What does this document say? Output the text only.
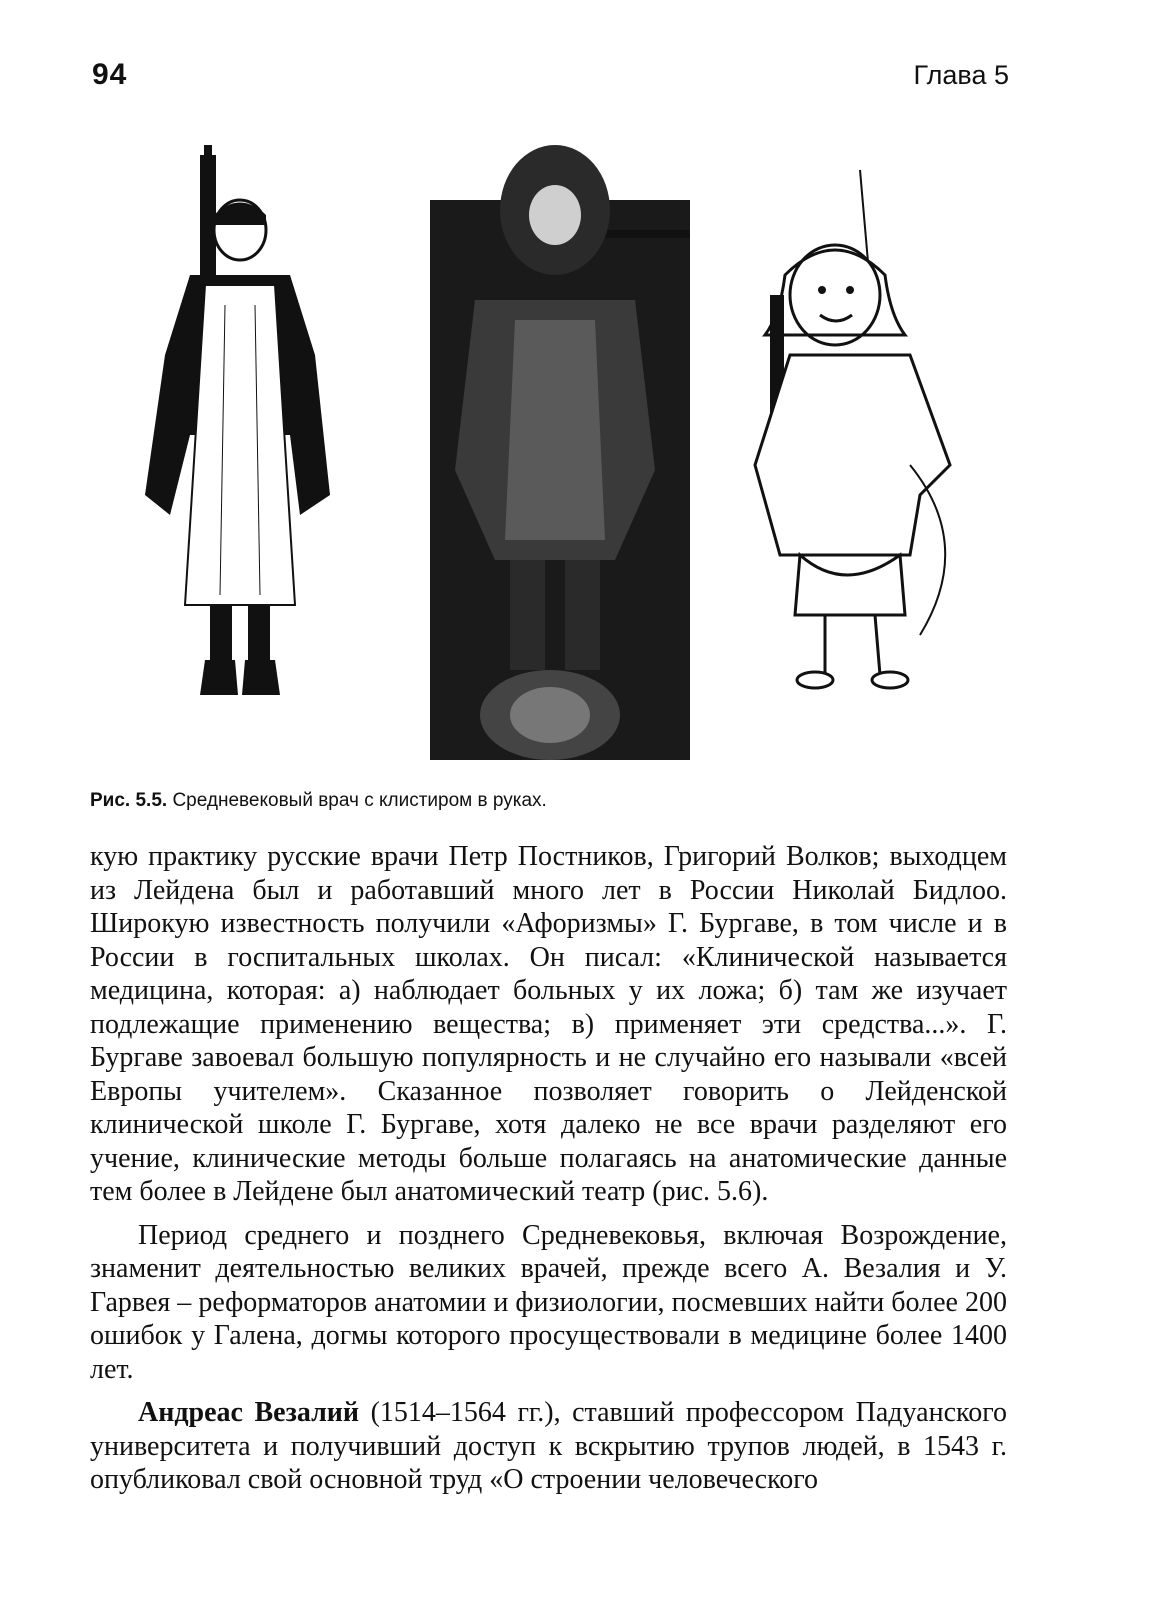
94	Глава 5
Рис. 5.5. Средневековый врач с клистиром в руках.

кую практику русские врачи Петр Постников, Григорий Волков; выходцем из Лейдена был и работавший много лет в России Николай Бидлоо. Широкую известность получили «Афоризмы» Г. Бургаве, в том числе и в России в госпитальных школах. Он писал: «Клинической называется медицина, которая: а) наблюдает больных у их ложа; б) там же изучает подлежащие применению вещества; в) применяет эти средства...». Г. Бургаве завоевал большую популярность и не случайно его называли «всей Европы учителем». Сказанное позволяет говорить о Лейденской клинической школе Г. Бургаве, хотя далеко не все врачи разделяют его учение, клинические методы больше полагаясь на анатомические данные тем более в Лейдене был анатомический театр (рис. 5.6).

Период среднего и позднего Средневековья, включая Возрождение, знаменит деятельностью великих врачей, прежде всего А. Везалия и У. Гарвея – реформаторов анатомии и физиологии, посмевших найти более 200 ошибок у Галена, догмы которого просуществовали в медицине более 1400 лет.

Андреас Везалий (1514–1564 гг.), ставший профессором Падуанского университета и получивший доступ к вскрытию трупов людей, в 1543 г. опубликовал свой основной труд «О строении человеческого
